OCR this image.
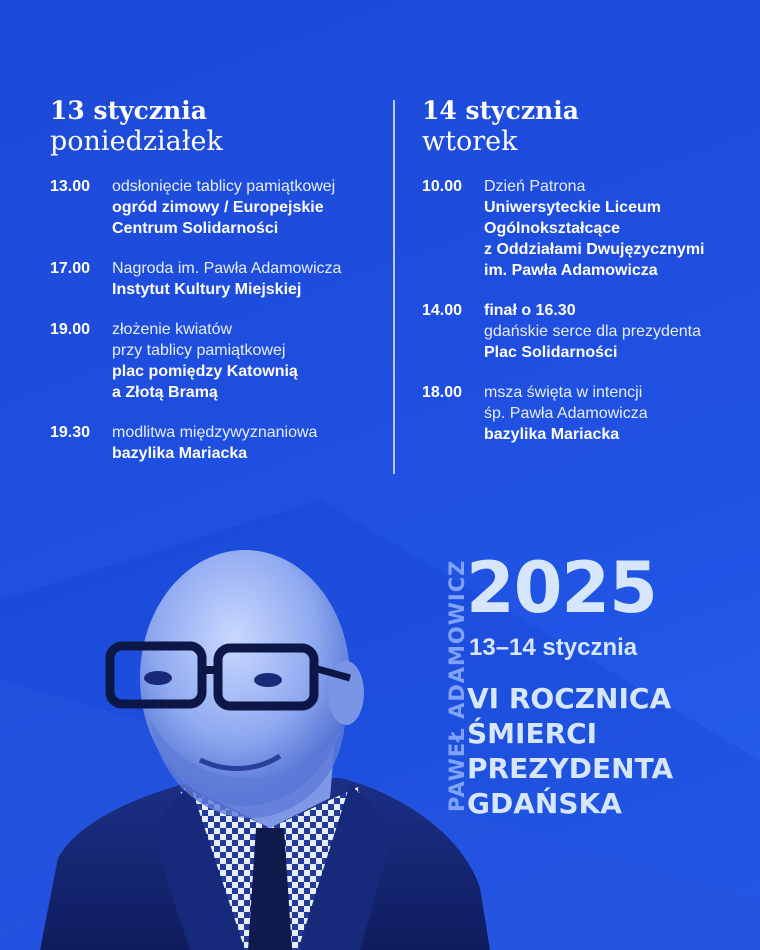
13 stycznia
poniedziałek
13.00	odsłonięcie tablicy pamiątkowej
ogród zimowy / Europejskie
Centrum Solidarności
17.00	Nagroda im. Pawła Adamowicza
Instytut Kultury Miejskiej
19.00	złożenie kwiatów
przy tablicy pamiątkowej
plac pomiędzy Katownią
a Złotą Bramą
19.30	modlitwa międzywyznaniowa
bazylika Mariacka
14 stycznia
wtorek
10.00	Dzień Patrona
Uniwersyteckie Liceum
Ogólnokształcące
z Oddziałami Dwujęzycznymi
im. Pawła Adamowicza
14.00	finał o 16.30
gdańskie serce dla prezydenta
Plac Solidarności
18.00	msza święta w intencji
śp. Pawła Adamowicza
bazylika Mariacka
PAWEŁ ADAMOWICZ
2025
13–14 stycznia
VI ROCZNICA
ŚMIERCI
PREZYDENTA
GDAŃSKA
